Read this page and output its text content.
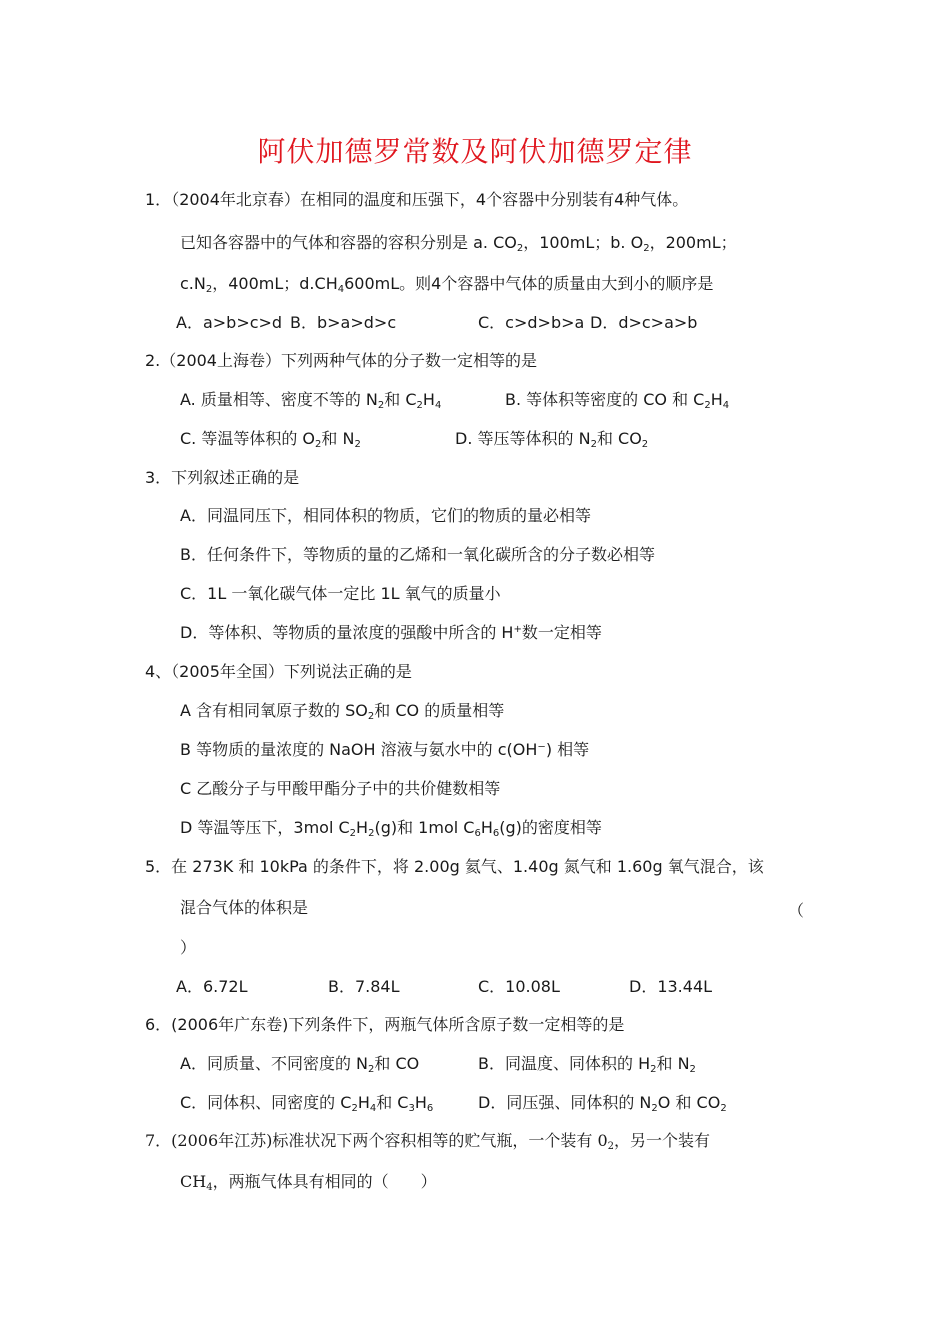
阿伏加德罗常数及阿伏加德罗定律
1．（2004年北京春）在相同的温度和压强下，4个容器中分别装有4种气体。
已知各容器中的气体和容器的容积分别是 a. $CO_2$，100mL；b. $O_2$，200mL；
$c.N_2$，400mL；$d.CH_4600mL$。则4个容器中气体的质量由大到小的顺序是
A．a>b>c>d B．b>a>d>c	C．c>d>b>a D．d>c>a>b
2.（2004上海卷）下列两种气体的分子数一定相等的是
A. 质量相等、密度不等的 $N_2$和 $C_2H_4$	B. 等体积等密度的 CO 和 $C_2H_4$
C. 等温等体积的 $O_2$和 $N_2$	D. 等压等体积的 $N_2$和 $CO_2$
3．下列叙述正确的是
A．同温同压下，相同体积的物质，它们的物质的量必相等
B．任何条件下，等物质的量的乙烯和一氧化碳所含的分子数必相等
C．1L 一氧化碳气体一定比 1L 氧气的质量小
D．等体积、等物质的量浓度的强酸中所含的 H+数一定相等
4、（2005年全国）下列说法正确的是
A 含有相同氧原子数的 $SO_2$和 CO 的质量相等
B 等物质的量浓度的 NaOH 溶液与氨水中的 c(OH⁻) 相等
C 乙酸分子与甲酸甲酯分子中的共价健数相等
D 等温等压下，3mol $C_2H_2(g)$和 1mol $C_6H_6(g)$的密度相等
5．在 273K 和 10kPa 的条件下，将 2.00g 氦气、1.40g 氮气和 1.60g 氧气混合，该
混合气体的体积是	（
）
A．6.72L	B．7.84L	C．10.08L	D．13.44L
6．(2006年广东卷)下列条件下，两瓶气体所含原子数一定相等的是
A．同质量、不同密度的 $N_2$和 CO	B．同温度、同体积的 $H_2$和 $N_2$
C．同体积、同密度的 $C_2H_4$和 $C_3H_6$	D．同压强、同体积的 $N_2O$ 和 $CO_2$
7．(2006年江苏)标准状况下两个容积相等的贮气瓶，一个装有 $0_2$，另一个装有
$CH_4$，两瓶气体具有相同的（　　）
